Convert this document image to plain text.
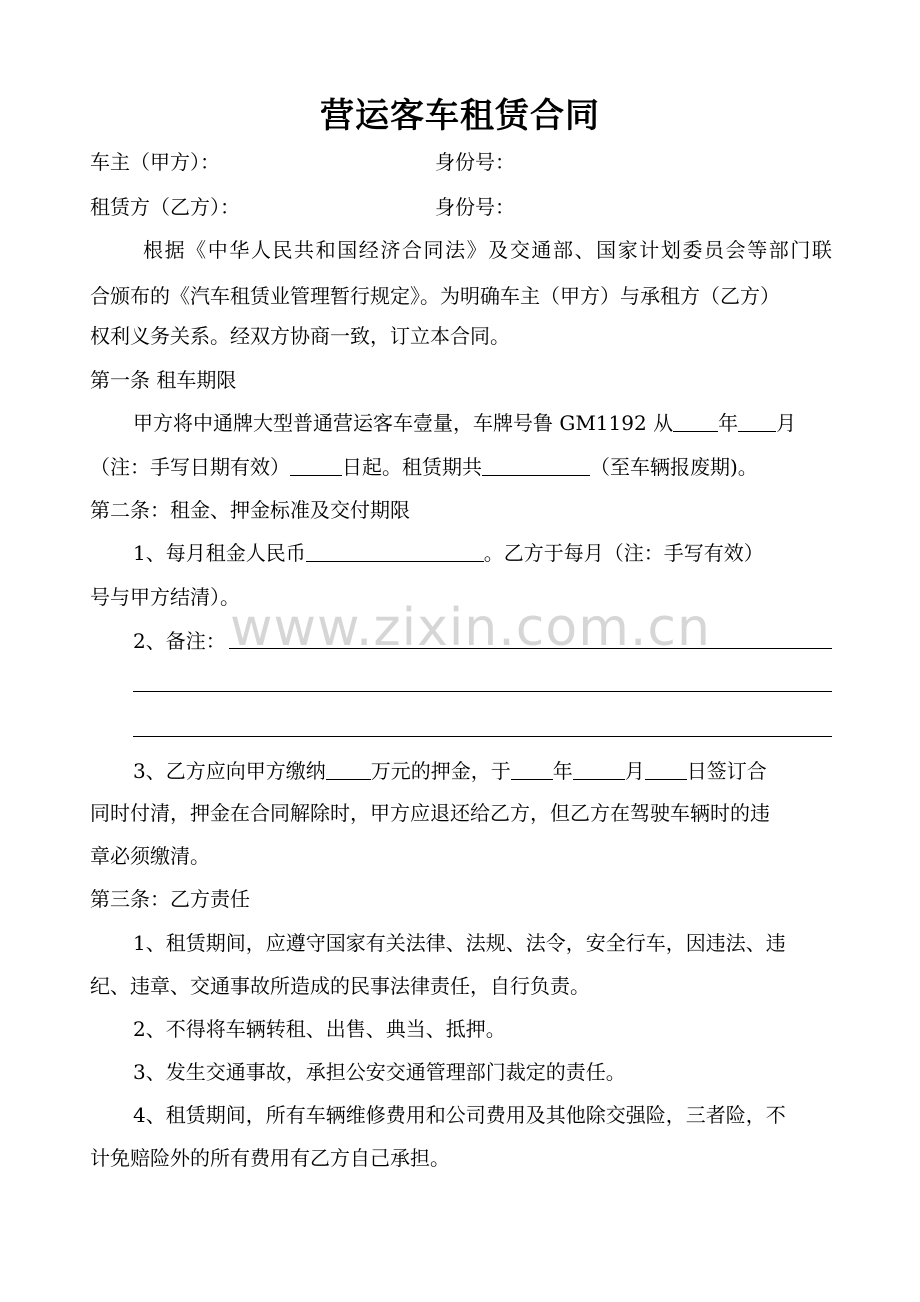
营运客车租赁合同
车主（甲方）：	身份号：
租赁方（乙方）：	身份号：
根 据 《 中 华 人 民 共 和 国 经 济 合 同 法 》 及 交 通 部 、 国 家 计 划 委 员 会 等 部 门 联
合颁布的《汽车租赁业管理暂行规定》。为明确车主（甲方）与承租方（乙方）
权利义务关系。经双方协商一致，订立本合同。
第一条 租车期限
甲方将中通牌大型普通营运客车壹量，车牌号鲁 GM1192 从 年 月
（注：手写日期有效）	日起。租赁期共	（至车辆报废期)。
第二条：租金、押金标准及交付期限
1、每月租金人民币	。乙方于每月（注：手写有效）
号与甲方结清）。
2、备注：
3、乙方应向甲方缴纳 万元的押金，于 年	月 日签订合
同时付清，押金在合同解除时，甲方应退还给乙方，但乙方在驾驶车辆时的违
章必须缴清。
第三条：乙方责任
1、租赁期间，应遵守国家有关法律、法规、法令，安全行车，因违法、违
纪、违章、交通事故所造成的民事法律责任，自行负责。
2、不得将车辆转租、出售、典当、抵押。
3、发生交通事故，承担公安交通管理部门裁定的责任。
4、租赁期间，所有车辆维修费用和公司费用及其他除交强险，三者险，不
计免赔险外的所有费用有乙方自己承担。
www.zixin.com.cn
